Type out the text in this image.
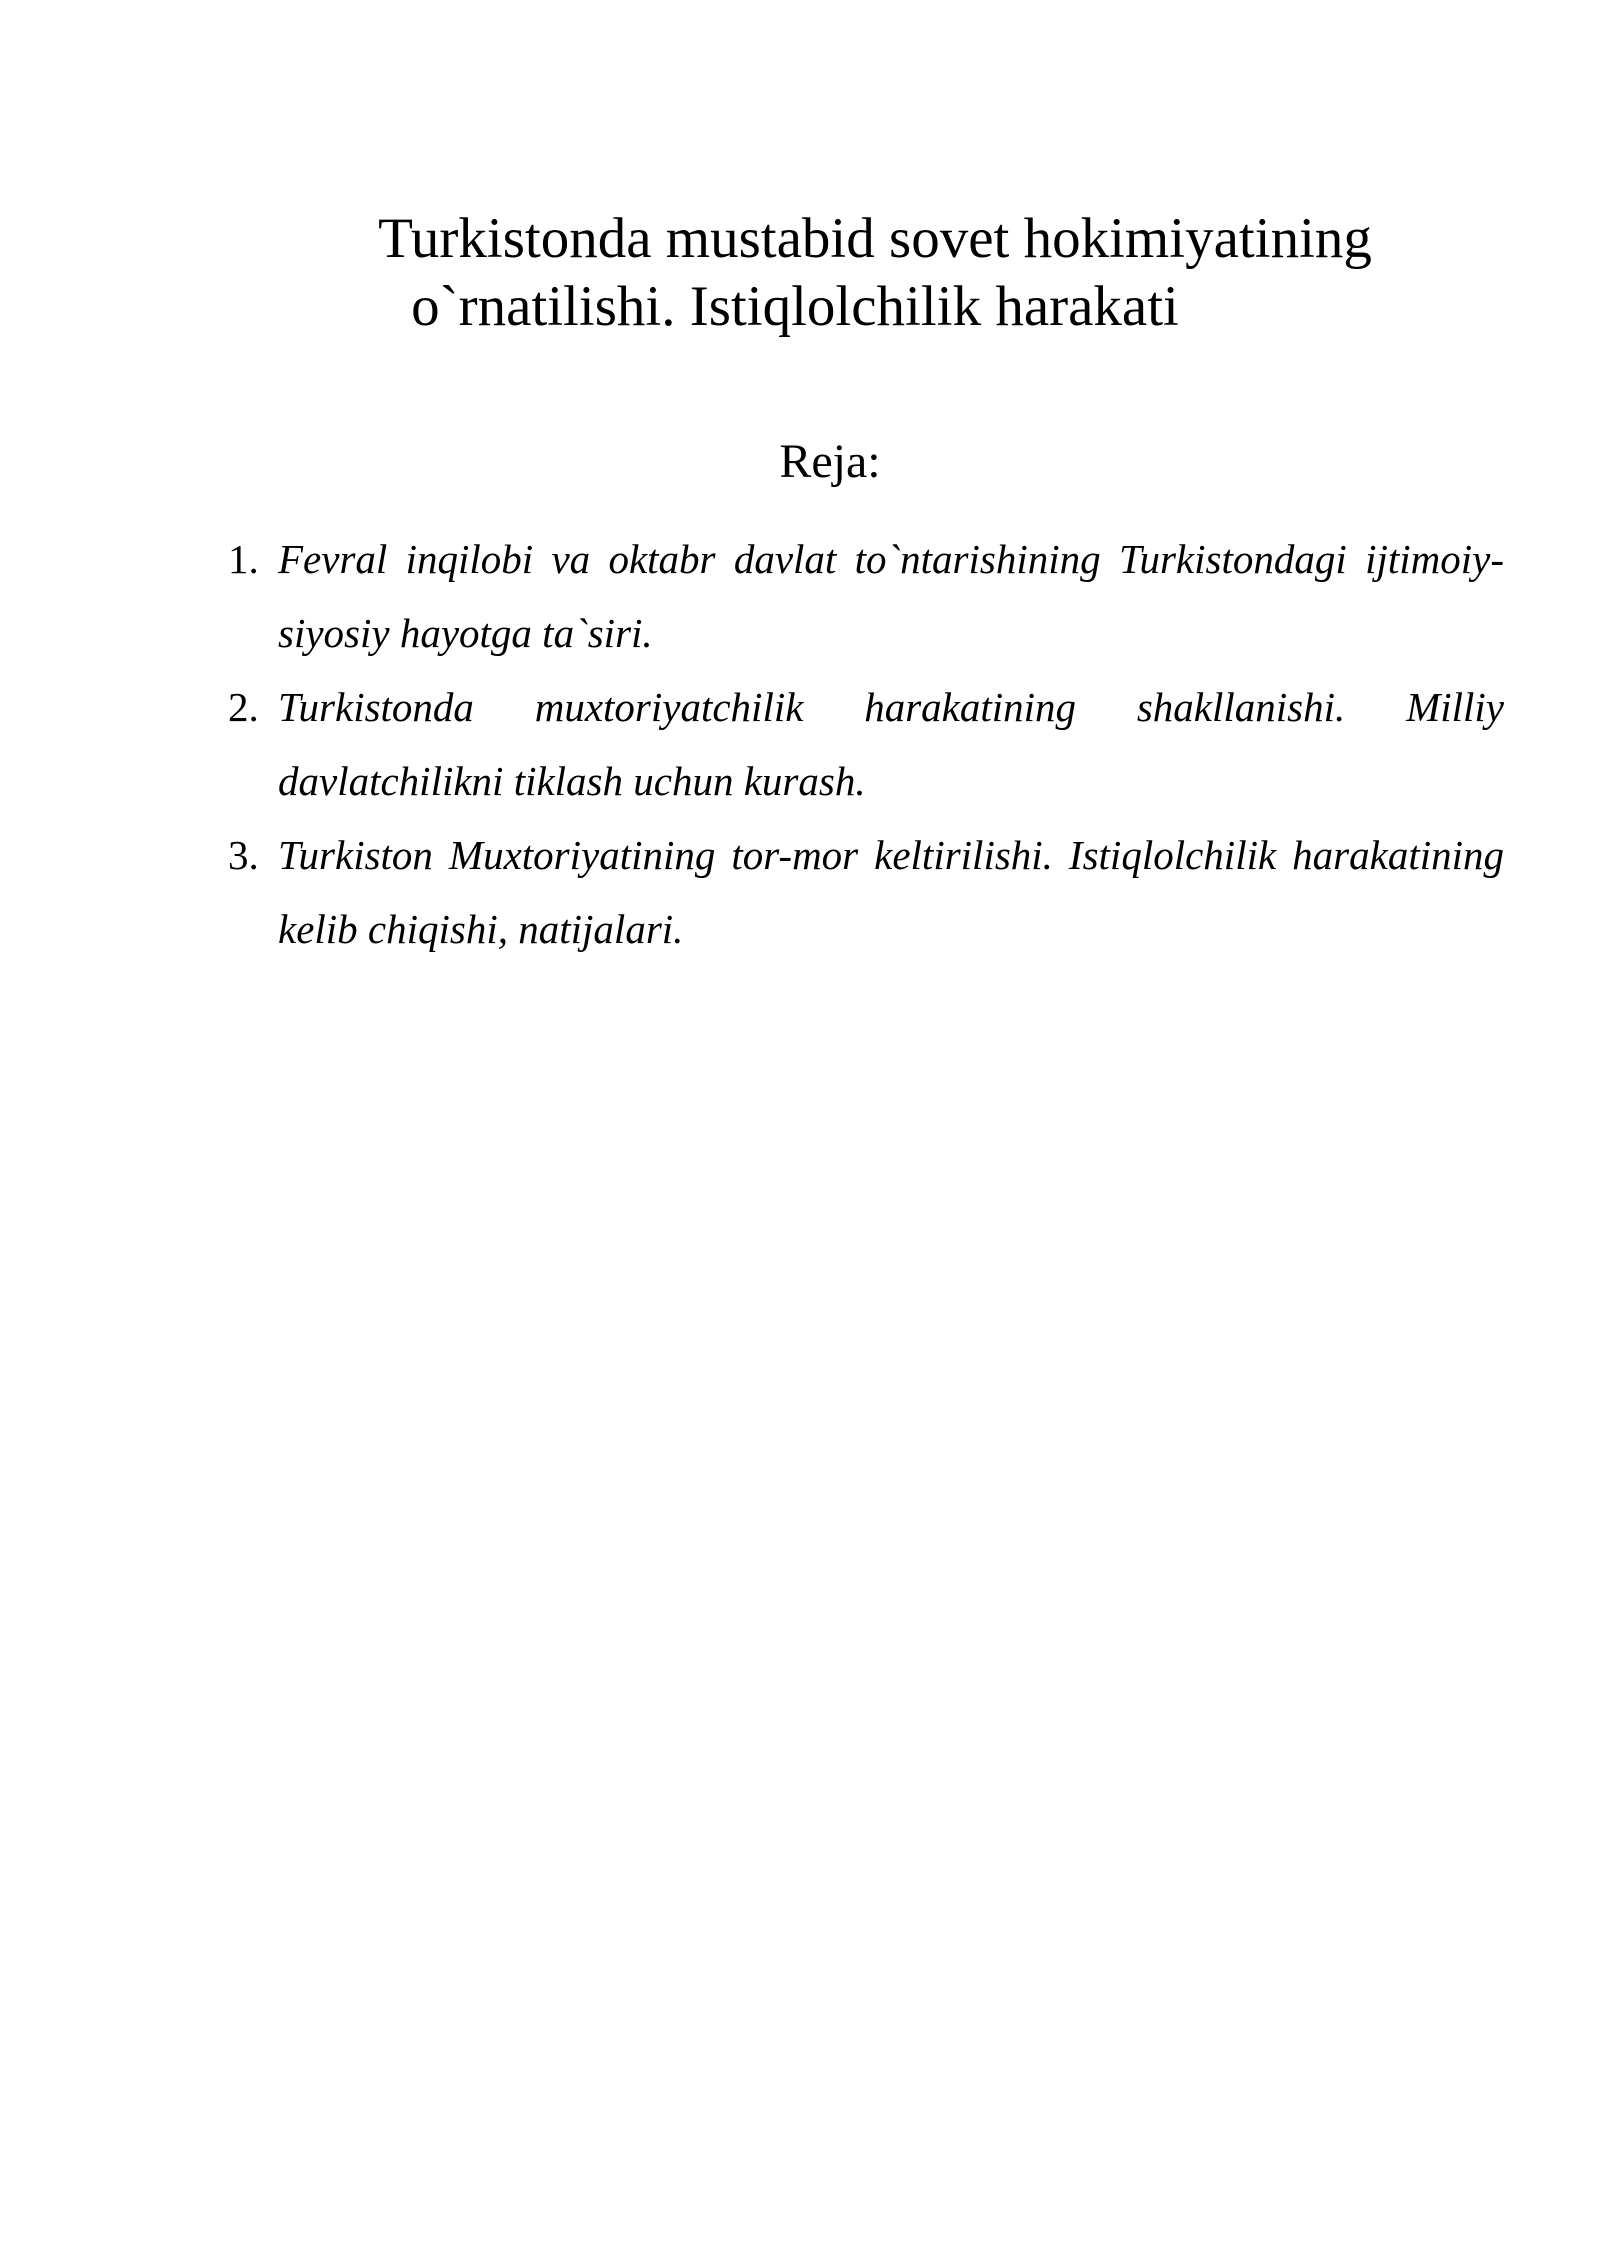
Turkistonda mustabid sovet hokimiyatining
o`rnatilishi. Istiqlolchilik harakati
Reja:
1. Fevral inqilobi va oktabr davlat to`ntarishining Turkistondagi ijtimoiy-siyosiy hayotga ta`siri.
2. Turkistonda muxtoriyatchilik harakatining shakllanishi. Milliy davlatchilikni tiklash uchun kurash.
3. Turkiston Muxtoriyatining tor-mor keltirilishi. Istiqlolchilik harakatining kelib chiqishi, natijalari.
